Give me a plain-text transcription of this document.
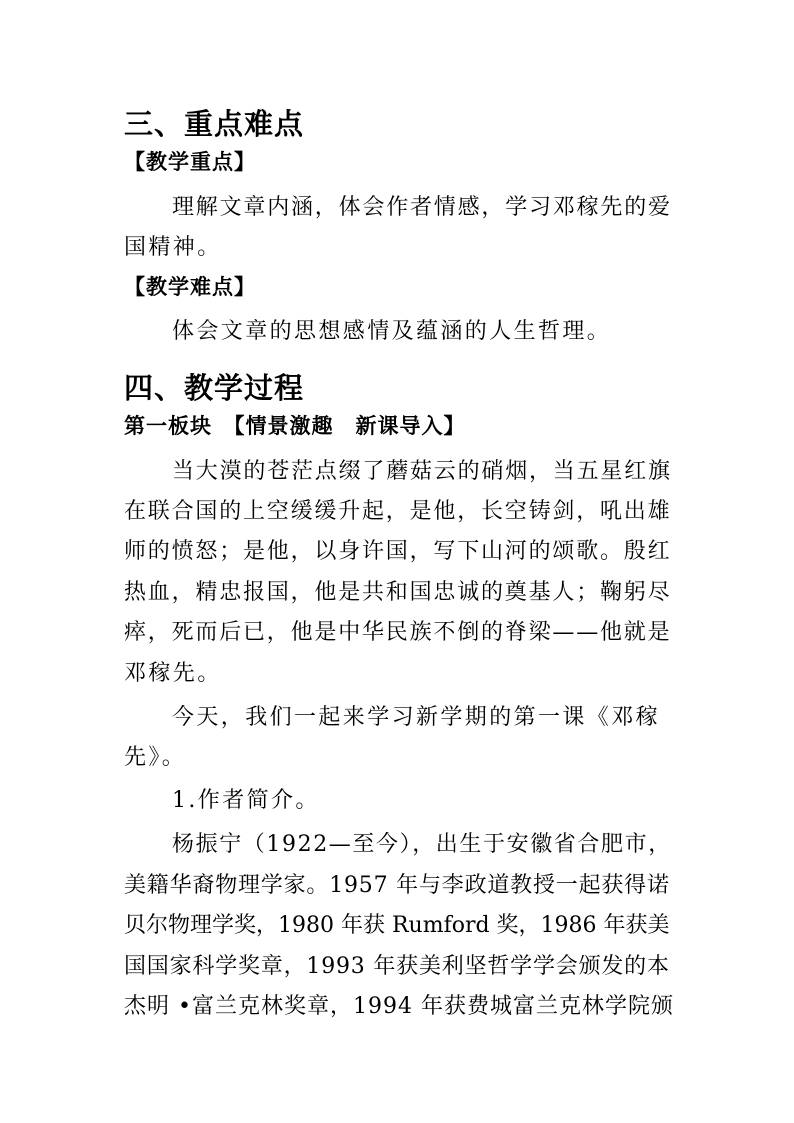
三、重点难点
【教学重点】
理解文章内涵，体会作者情感，学习邓稼先的爱
国精神。
【教学难点】
体会文章的思想感情及蕴涵的人生哲理。
四、教学过程
第一板块　【情景激趣　新课导入】
当大漠的苍茫点缀了蘑菇云的硝烟，当五星红旗
在联合国的上空缓缓升起，是他，长空铸剑，吼出雄
师的愤怒；是他，以身许国，写下山河的颂歌。殷红
热血，精忠报国，他是共和国忠诚的奠基人；鞠躬尽
瘁，死而后已，他是中华民族不倒的脊梁——他就是
邓稼先。
今天，我们一起来学习新学期的第一课《邓稼
先》。
1.作者简介。
杨振宁（1922—至今），出生于安徽省合肥市，
美籍华裔物理学家。1957 年与李政道教授一起获得诺
贝尔物理学奖，1980 年获 Rumford 奖，1986 年获美
国国家科学奖章，1993 年获美利坚哲学学会颁发的本
杰明 •富兰克林奖章，1994 年获费城富兰克林学院颁
